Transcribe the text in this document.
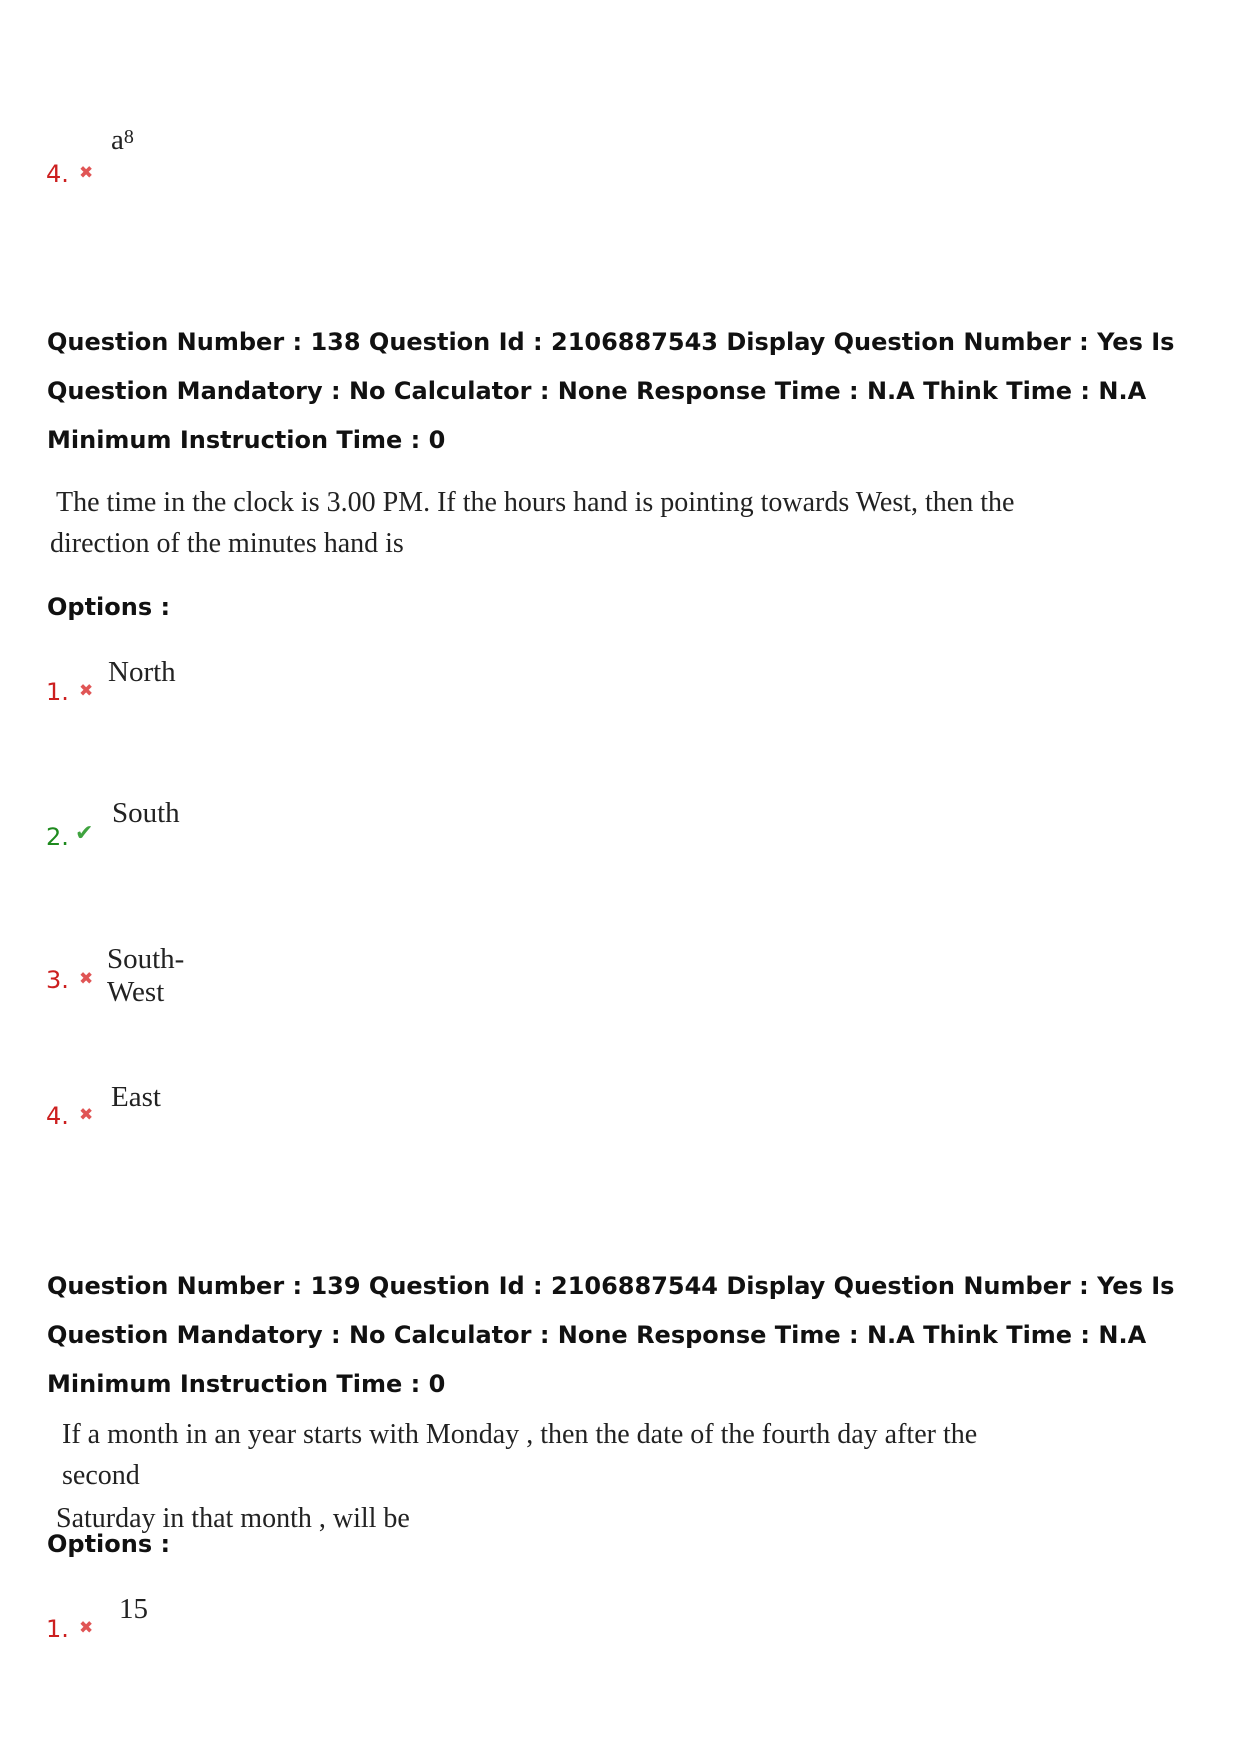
4. ✖
$a^8$
Question Number : 138 Question Id : 2106887543 Display Question Number : Yes Is Question Mandatory : No Calculator : None Response Time : N.A Think Time : N.A Minimum Instruction Time : 0
The time in the clock is 3.00 PM. If the hours hand is pointing towards West, then the
direction of the minutes hand is
Options :
1. ✖
North
2. ✔
South
3. ✖
South-West
4. ✖
East
Question Number : 139 Question Id : 2106887544 Display Question Number : Yes Is Question Mandatory : No Calculator : None Response Time : N.A Think Time : N.A Minimum Instruction Time : 0
If a month in an year starts with Monday , then the date of the fourth day after the second
Saturday in that month , will be
Options :
1. ✖
15
